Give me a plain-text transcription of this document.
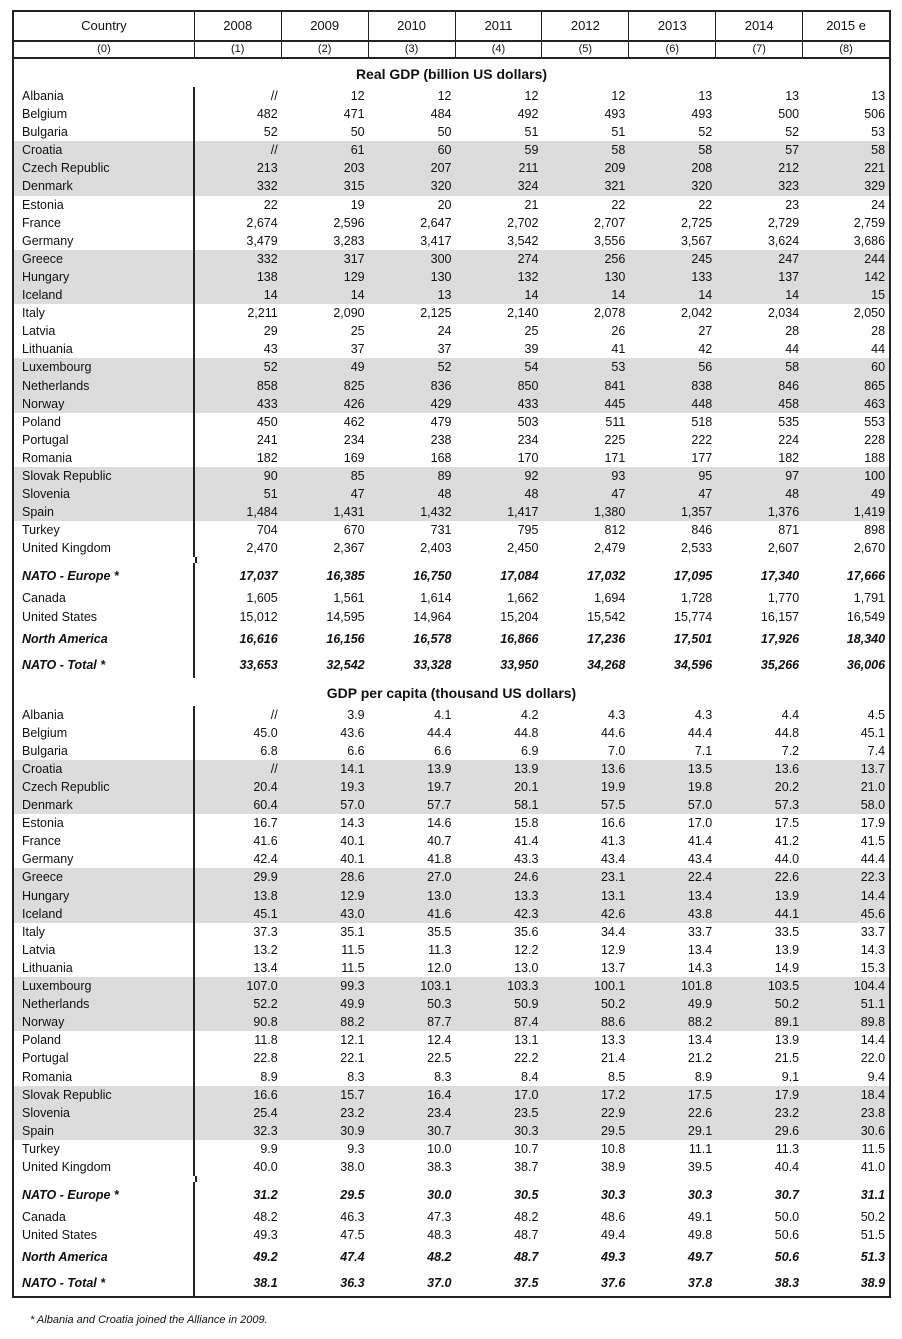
Country	2008	2009	2010	2011	2012	2013	2014	2015 e
(0)	(1)	(2)	(3)	(4)	(5)	(6)	(7)	(8)
Real GDP (billion US dollars)
Albania	//	12	12	12	12	13	13	13
Belgium	482	471	484	492	493	493	500	506
Bulgaria	52	50	50	51	51	52	52	53
Croatia	//	61	60	59	58	58	57	58
Czech Republic	213	203	207	211	209	208	212	221
Denmark	332	315	320	324	321	320	323	329
Estonia	22	19	20	21	22	22	23	24
France	2,674	2,596	2,647	2,702	2,707	2,725	2,729	2,759
Germany	3,479	3,283	3,417	3,542	3,556	3,567	3,624	3,686
Greece	332	317	300	274	256	245	247	244
Hungary	138	129	130	132	130	133	137	142
Iceland	14	14	13	14	14	14	14	15
Italy	2,211	2,090	2,125	2,140	2,078	2,042	2,034	2,050
Latvia	29	25	24	25	26	27	28	28
Lithuania	43	37	37	39	41	42	44	44
Luxembourg	52	49	52	54	53	56	58	60
Netherlands	858	825	836	850	841	838	846	865
Norway	433	426	429	433	445	448	458	463
Poland	450	462	479	503	511	518	535	553
Portugal	241	234	238	234	225	222	224	228
Romania	182	169	168	170	171	177	182	188
Slovak Republic	90	85	89	92	93	95	97	100
Slovenia	51	47	48	48	47	47	48	49
Spain	1,484	1,431	1,432	1,417	1,380	1,357	1,376	1,419
Turkey	704	670	731	795	812	846	871	898
United Kingdom	2,470	2,367	2,403	2,450	2,479	2,533	2,607	2,670
NATO - Europe *	17,037	16,385	16,750	17,084	17,032	17,095	17,340	17,666
Canada	1,605	1,561	1,614	1,662	1,694	1,728	1,770	1,791
United States	15,012	14,595	14,964	15,204	15,542	15,774	16,157	16,549
North America	16,616	16,156	16,578	16,866	17,236	17,501	17,926	18,340
NATO - Total *	33,653	32,542	33,328	33,950	34,268	34,596	35,266	36,006
GDP per capita (thousand US dollars)
Albania	//	3.9	4.1	4.2	4.3	4.3	4.4	4.5
Belgium	45.0	43.6	44.4	44.8	44.6	44.4	44.8	45.1
Bulgaria	6.8	6.6	6.6	6.9	7.0	7.1	7.2	7.4
Croatia	//	14.1	13.9	13.9	13.6	13.5	13.6	13.7
Czech Republic	20.4	19.3	19.7	20.1	19.9	19.8	20.2	21.0
Denmark	60.4	57.0	57.7	58.1	57.5	57.0	57.3	58.0
Estonia	16.7	14.3	14.6	15.8	16.6	17.0	17.5	17.9
France	41.6	40.1	40.7	41.4	41.3	41.4	41.2	41.5
Germany	42.4	40.1	41.8	43.3	43.4	43.4	44.0	44.4
Greece	29.9	28.6	27.0	24.6	23.1	22.4	22.6	22.3
Hungary	13.8	12.9	13.0	13.3	13.1	13.4	13.9	14.4
Iceland	45.1	43.0	41.6	42.3	42.6	43.8	44.1	45.6
Italy	37.3	35.1	35.5	35.6	34.4	33.7	33.5	33.7
Latvia	13.2	11.5	11.3	12.2	12.9	13.4	13.9	14.3
Lithuania	13.4	11.5	12.0	13.0	13.7	14.3	14.9	15.3
Luxembourg	107.0	99.3	103.1	103.3	100.1	101.8	103.5	104.4
Netherlands	52.2	49.9	50.3	50.9	50.2	49.9	50.2	51.1
Norway	90.8	88.2	87.7	87.4	88.6	88.2	89.1	89.8
Poland	11.8	12.1	12.4	13.1	13.3	13.4	13.9	14.4
Portugal	22.8	22.1	22.5	22.2	21.4	21.2	21.5	22.0
Romania	8.9	8.3	8.3	8.4	8.5	8.9	9.1	9.4
Slovak Republic	16.6	15.7	16.4	17.0	17.2	17.5	17.9	18.4
Slovenia	25.4	23.2	23.4	23.5	22.9	22.6	23.2	23.8
Spain	32.3	30.9	30.7	30.3	29.5	29.1	29.6	30.6
Turkey	9.9	9.3	10.0	10.7	10.8	11.1	11.3	11.5
United Kingdom	40.0	38.0	38.3	38.7	38.9	39.5	40.4	41.0
NATO - Europe *	31.2	29.5	30.0	30.5	30.3	30.3	30.7	31.1
Canada	48.2	46.3	47.3	48.2	48.6	49.1	50.0	50.2
United States	49.3	47.5	48.3	48.7	49.4	49.8	50.6	51.5
North America	49.2	47.4	48.2	48.7	49.3	49.7	50.6	51.3
NATO - Total *	38.1	36.3	37.0	37.5	37.6	37.8	38.3	38.9
* Albania and Croatia joined the Alliance in 2009.
